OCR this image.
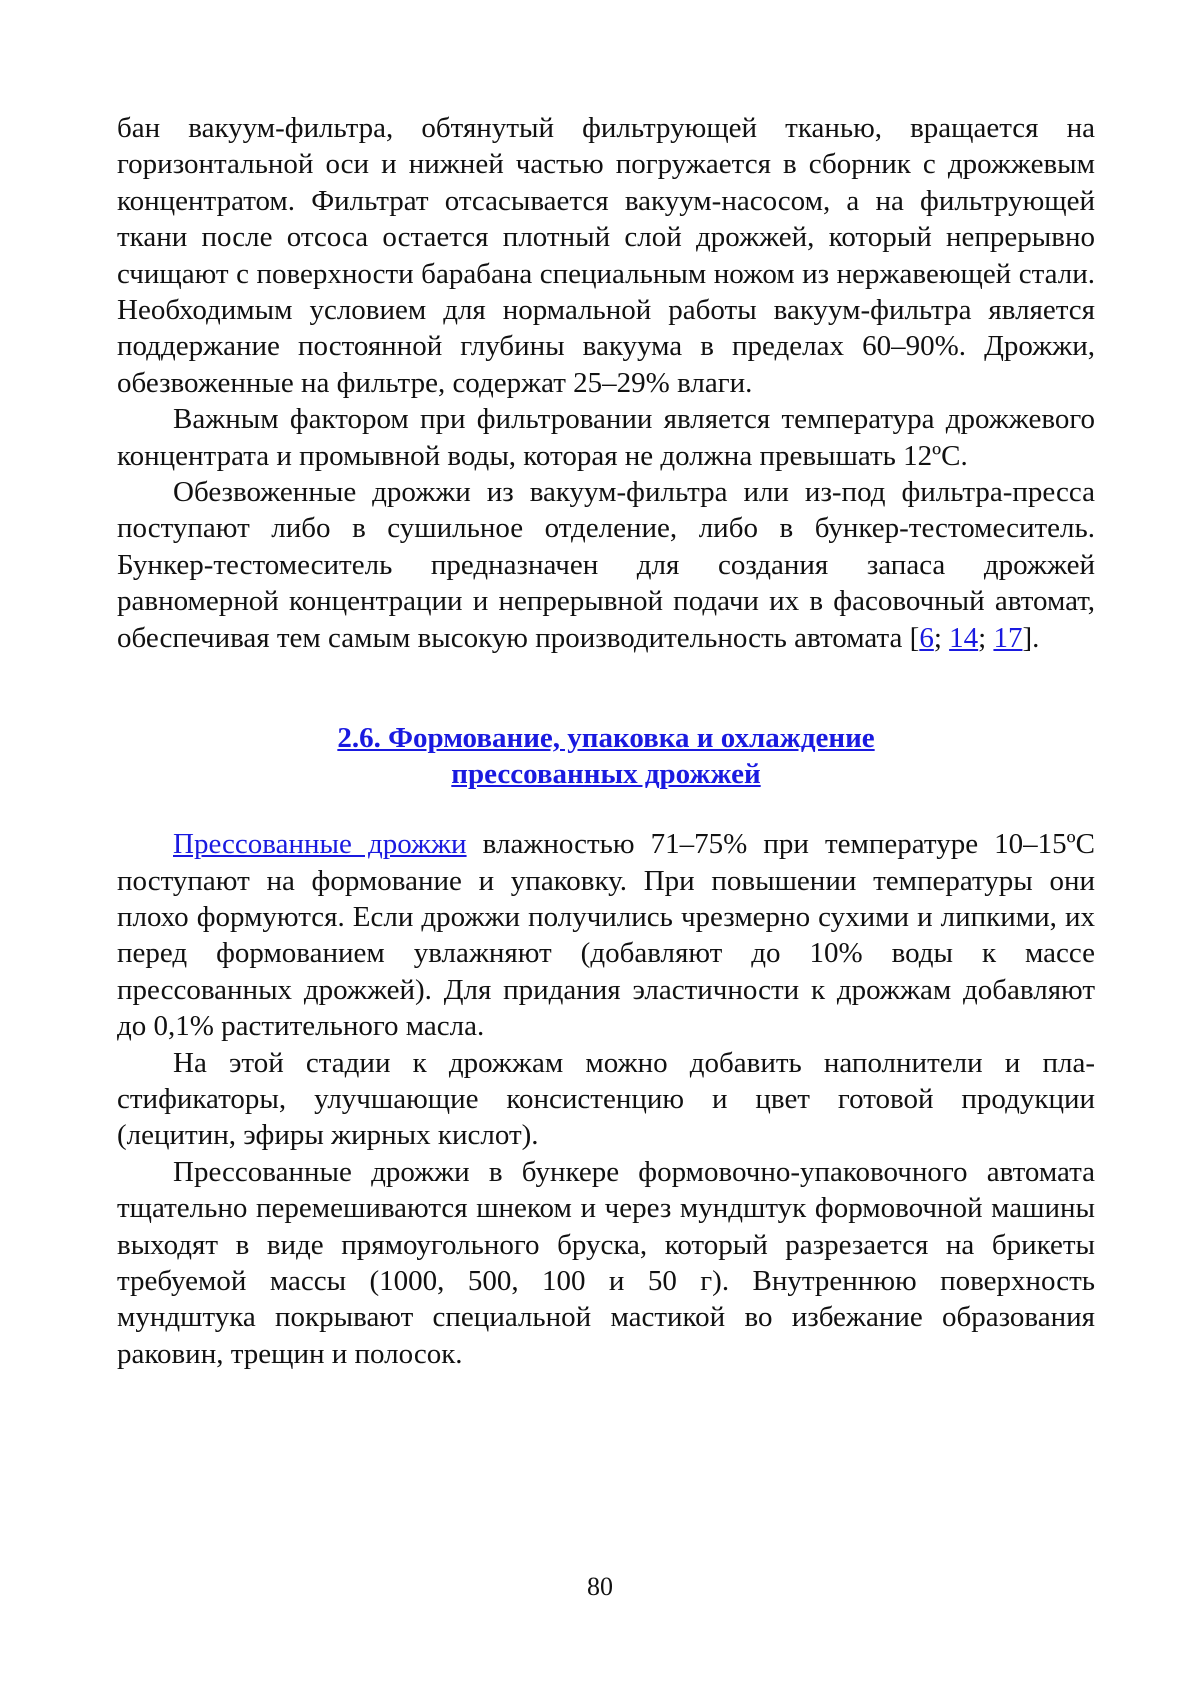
бан вакуум-фильтра, обтянутый фильтрующей тканью, вращается на горизонтальной оси и нижней частью погружается в сборник с дрожжевым концентратом. Фильтрат отсасывается вакуум-насосом, а на фильтрующей ткани после отсоса остается плотный слой дрожжей, который непрерывно счищают с поверхности барабана специальным ножом из нержавеющей стали. Необходимым условием для нормальной работы вакуум-фильтра является поддержание постоянной глубины вакуума в пределах 60–90%. Дрожжи, обезвоженные на фильтре, содержат 25–29% влаги.

Важным фактором при фильтровании является температура дрожжевого концентрата и промывной воды, которая не должна превышать 12ºС.

Обезвоженные дрожжи из вакуум-фильтра или из-под фильтра-пресса поступают либо в сушильное отделение, либо в бункер-тестомеситель. Бункер-тестомеситель предназначен для создания запаса дрожжей равномерной концентрации и непрерывной подачи их в фасовочный автомат, обеспечивая тем самым высокую производительность автомата [6; 14; 17].

2.6. Формование, упаковка и охлаждение
прессованных дрожжей

Прессованные дрожжи влажностью 71–75% при температуре 10–15ºС поступают на формование и упаковку. При повышении температуры они плохо формуются. Если дрожжи получились чрезмерно сухими и липкими, их перед формованием увлажняют (добавляют до 10% воды к массе прессованных дрожжей). Для придания эластичности к дрожжам добавляют до 0,1% растительного масла.

На этой стадии к дрожжам можно добавить наполнители и пластификаторы, улучшающие консистенцию и цвет готовой продукции (лецитин, эфиры жирных кислот).

Прессованные дрожжи в бункере формовочно-упаковочного автомата тщательно перемешиваются шнеком и через мундштук формовочной машины выходят в виде прямоугольного бруска, который разрезается на брикеты требуемой массы (1000, 500, 100 и 50 г). Внутреннюю поверхность мундштука покрывают специальной мастикой во избежание образования раковин, трещин и полосок.

80
